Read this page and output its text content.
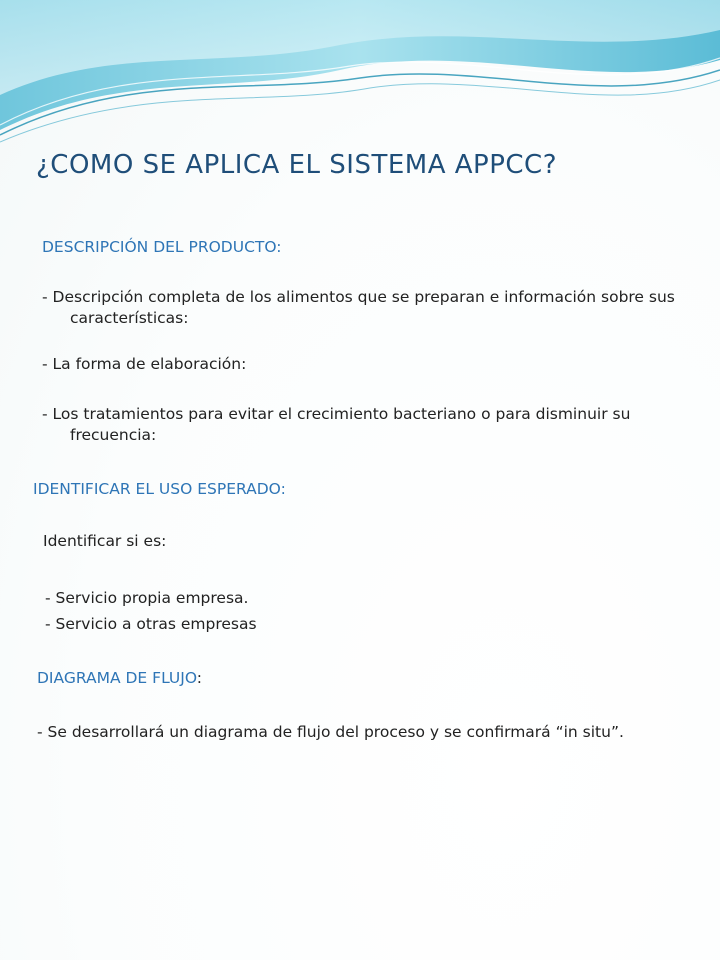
¿COMO SE APLICA EL SISTEMA APPCC?

DESCRIPCIÓN DEL PRODUCTO:

- Descripción completa de los alimentos que se preparan e información sobre sus características:

- La forma de elaboración:

- Los tratamientos para evitar el crecimiento bacteriano o para disminuir su frecuencia:

IDENTIFICAR EL USO ESPERADO:

Identificar si es:

- Servicio propia empresa.

- Servicio a otras empresas

DIAGRAMA DE FLUJO:

- Se desarrollará un diagrama de flujo del proceso y se confirmará “in situ”.
